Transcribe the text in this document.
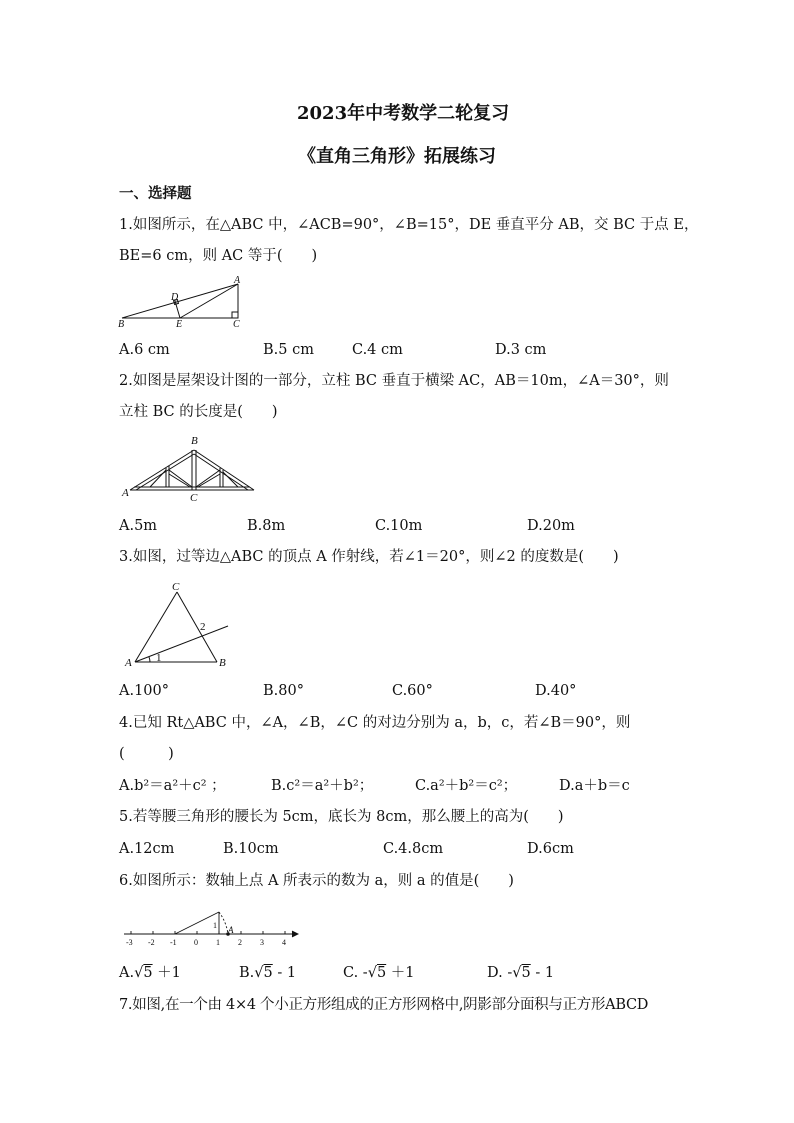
2023年中考数学二轮复习
《直角三角形》拓展练习
一、选择题
1.如图所示，在△ABC 中，∠ACB=90°，∠B=15°，DE 垂直平分 AB，交 BC 于点 E，
BE=6 cm，则 AC 等于(　　)
A
B	C
D
E
A.6 cm	B.5 cm	C.4 cm	D.3 cm
2.如图是屋架设计图的一部分，立柱 BC 垂直于横梁 AC，AB＝10m，∠A＝30°，则
立柱 BC 的长度是(　　)
B
A	C
A.5m	B.8m	C.10m	D.20m
3.如图，过等边△ABC 的顶点 A 作射线，若∠1＝20°，则∠2 的度数是(　　)
C
A	B
1
2
A.100°	B.80°	C.60°	D.40°
4.已知 Rt△ABC 中，∠A，∠B，∠C 的对边分别为 a，b，c，若∠B＝90°，则
(　　　)
A.b²＝a²＋c² ；	B.c²＝a²＋b²；	C.a²＋b²＝c²；	D.a＋b＝c
5.若等腰三角形的腰长为 5cm，底长为 8cm，那么腰上的高为(　　)
A.12cm	B.10cm	C.4.8cm	D.6cm
6.如图所示：数轴上点 A 所表示的数为 a，则 a 的值是(　　)
-3 -2 -1 0 1 2 3 4
A
1
A.√5 ＋1	B.√5 - 1	C. -√5 ＋1	D. -√5 - 1
7.如图,在一个由 4×4 个小正方形组成的正方形网格中,阴影部分面积与正方形ABCD
